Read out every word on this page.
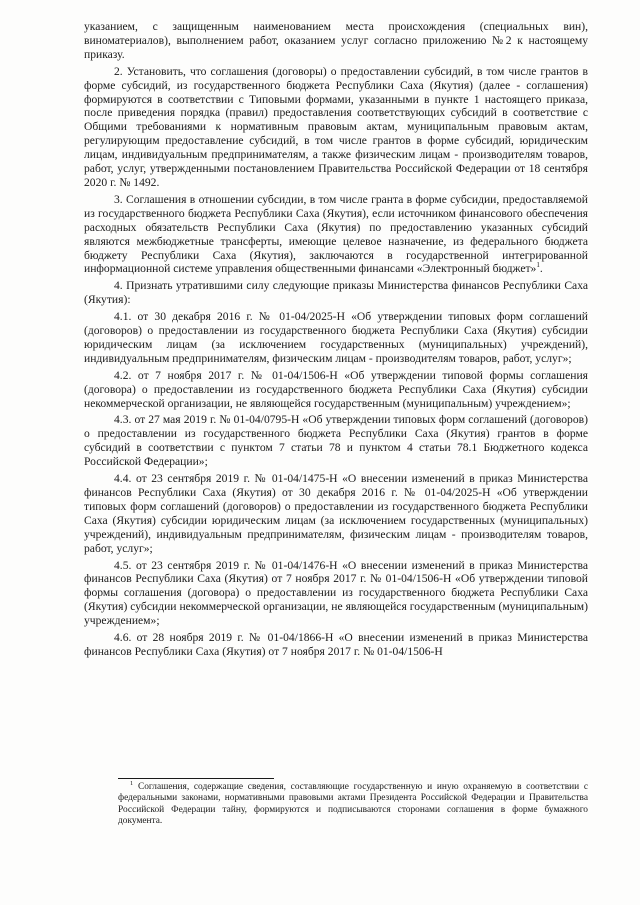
указанием, с защищенным наименованием места происхождения (специальных вин), виноматериалов), выполнением работ, оказанием услуг согласно приложению №2 к настоящему приказу.

2. Установить, что соглашения (договоры) о предоставлении субсидий, в том числе грантов в форме субсидий, из государственного бюджета Республики Саха (Якутия) (далее - соглашения) формируются в соответствии с Типовыми формами, указанными в пункте 1 настоящего приказа, после приведения порядка (правил) предоставления соответствующих субсидий в соответствие с Общими требованиями к нормативным правовым актам, муниципальным правовым актам, регулирующим предоставление субсидий, в том числе грантов в форме субсидий, юридическим лицам, индивидуальным предпринимателям, а также физическим лицам - производителям товаров, работ, услуг, утвержденными постановлением Правительства Российской Федерации от 18 сентября 2020 г. № 1492.

3. Соглашения в отношении субсидии, в том числе гранта в форме субсидии, предоставляемой из государственного бюджета Республики Саха (Якутия), если источником финансового обеспечения расходных обязательств Республики Саха (Якутия) по предоставлению указанных субсидий являются межбюджетные трансферты, имеющие целевое назначение, из федерального бюджета бюджету Республики Саха (Якутия), заключаются в государственной интегрированной информационной системе управления общественными финансами «Электронный бюджет»$^1$.

4. Признать утратившими силу следующие приказы Министерства финансов Республики Саха (Якутия):

4.1. от 30 декабря 2016 г. № 01-04/2025-Н «Об утверждении типовых форм соглашений (договоров) о предоставлении из государственного бюджета Республики Саха (Якутия) субсидии юридическим лицам (за исключением государственных (муниципальных) учреждений), индивидуальным предпринимателям, физическим лицам - производителям товаров, работ, услуг»;

4.2. от 7 ноября 2017 г. № 01-04/1506-Н «Об утверждении типовой формы соглашения (договора) о предоставлении из государственного бюджета Республики Саха (Якутия) субсидии некоммерческой организации, не являющейся государственным (муниципальным) учреждением»;

4.3. от 27 мая 2019 г. № 01-04/0795-Н «Об утверждении типовых форм соглашений (договоров) о предоставлении из государственного бюджета Республики Саха (Якутия) грантов в форме субсидий в соответствии с пунктом 7 статьи 78 и пунктом 4 статьи 78.1 Бюджетного кодекса Российской Федерации»;

4.4. от 23 сентября 2019 г. № 01-04/1475-Н «О внесении изменений в приказ Министерства финансов Республики Саха (Якутия) от 30 декабря 2016 г. № 01-04/2025-Н «Об утверждении типовых форм соглашений (договоров) о предоставлении из государственного бюджета Республики Саха (Якутия) субсидии юридическим лицам (за исключением государственных (муниципальных) учреждений), индивидуальным предпринимателям, физическим лицам - производителям товаров, работ, услуг»;

4.5. от 23 сентября 2019 г. № 01-04/1476-Н «О внесении изменений в приказ Министерства финансов Республики Саха (Якутия) от 7 ноября 2017 г. № 01-04/1506-Н «Об утверждении типовой формы соглашения (договора) о предоставлении из государственного бюджета Республики Саха (Якутия) субсидии некоммерческой организации, не являющейся государственным (муниципальным) учреждением»;

4.6. от 28 ноября 2019 г. № 01-04/1866-Н «О внесении изменений в приказ Министерства финансов Республики Саха (Якутия) от 7 ноября 2017 г. № 01-04/1506-Н

$^1$ Соглашения, содержащие сведения, составляющие государственную и иную охраняемую в соответствии с федеральными законами, нормативными правовыми актами Президента Российской Федерации и Правительства Российской Федерации тайну, формируются и подписываются сторонами соглашения в форме бумажного документа.
